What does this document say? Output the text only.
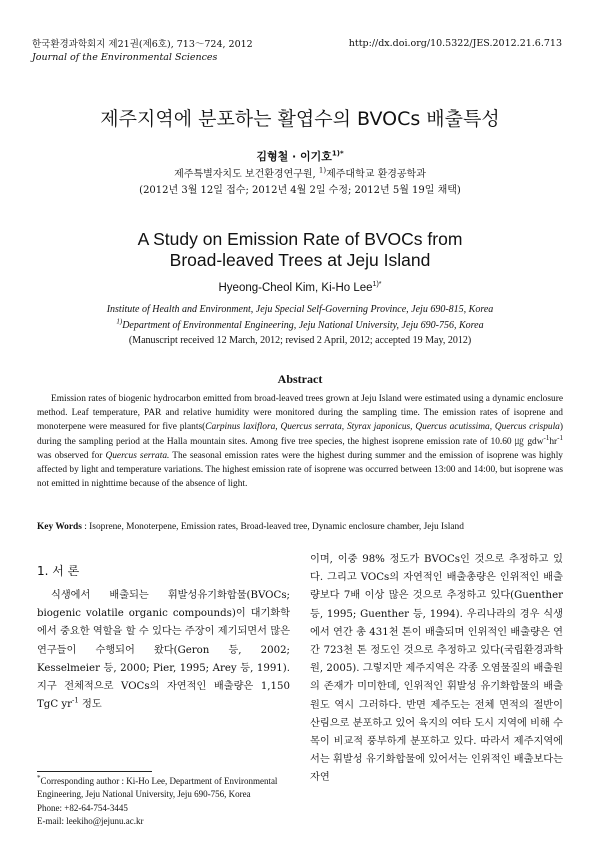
한국환경과학회지 제21권(제6호), 713～724, 2012
Journal of the Environmental Sciences
http://dx.doi.org/10.5322/JES.2012.21.6.713
제주지역에 분포하는 활엽수의 BVOCs 배출특성
김형철 · 이기호$^{1)*}$
제주특별자치도 보건환경연구원, $^{1)}$제주대학교 환경공학과
(2012년 3월 12일 접수; 2012년 4월 2일 수정; 2012년 5월 19일 채택)
A Study on Emission Rate of BVOCs from
Broad-leaved Trees at Jeju Island
Hyeong-Cheol Kim, Ki-Ho Lee$^{1)*}$
Institute of Health and Environment, Jeju Special Self-Governing Province, Jeju 690-815, Korea
$^{1)}$Department of Environmental Engineering, Jeju National University, Jeju 690-756, Korea
(Manuscript received 12 March, 2012; revised 2 April, 2012; accepted 19 May, 2012)
Abstract
Emission rates of biogenic hydrocarbon emitted from broad-leaved trees grown at Jeju Island were estimated using a dynamic enclosure method. Leaf temperature, PAR and relative humidity were monitored during the sampling time. The emission rates of isoprene and monoterpene were measured for five plants(Carpinus laxiflora, Quercus serrata, Styrax japonicus, Quercus acutissima, Quercus crispula) during the sampling period at the Halla mountain sites. Among five tree species, the highest isoprene emission rate of 10.60 ㎍ $gdw^{-1}hr^{-1}$ was observed for Quercus serrata. The seasonal emission rates were the highest during summer and the emission of isoprene was highly affected by light and temperature variations. The highest emission rate of isoprene was occurred between 13:00 and 14:00, but isoprene was not emitted in nighttime because of the absence of light.
Key Words : Isoprene, Monoterpene, Emission rates, Broad-leaved tree, Dynamic enclosure chamber, Jeju Island
1. 서 론
식생에서 배출되는 휘발성유기화합물(BVOCs; biogenic volatile organic compounds)이 대기화학에서 중요한 역할을 할 수 있다는 주장이 제기되면서 많은 연구들이 수행되어 왔다(Geron 등, 2002; Kesselmeier 등, 2000; Pier, 1995; Arey 등, 1991). 지구 전체적으로 VOCs의 자연적인 배출량은 1,150 TgC $yr^{-1}$ 정도
이며, 이중 98% 정도가 BVOCs인 것으로 추정하고 있다. 그리고 VOCs의 자연적인 배출총량은 인위적인 배출량보다 7배 이상 많은 것으로 추정하고 있다(Guenther 등, 1995; Guenther 등, 1994). 우리나라의 경우 식생에서 연간 총 431천 톤이 배출되며 인위적인 배출량은 연간 723천 톤 정도인 것으로 추정하고 있다(국립환경과학원, 2005). 그렇지만 제주지역은 각종 오염물질의 배출원의 존재가 미미한데, 인위적인 휘발성 유기화합물의 배출원도 역시 그러하다. 반면 제주도는 전체 면적의 절반이 산림으로 분포하고 있어 육지의 여타 도시 지역에 비해 수목이 비교적 풍부하게 분포하고 있다. 따라서 제주지역에서는 휘발성 유기화합물에 있어서는 인위적인 배출보다는 자연
*Corresponding author : Ki-Ho Lee, Department of Environmental Engineering, Jeju National University, Jeju 690-756, Korea
Phone: +82-64-754-3445
E-mail: leekiho@jejunu.ac.kr
